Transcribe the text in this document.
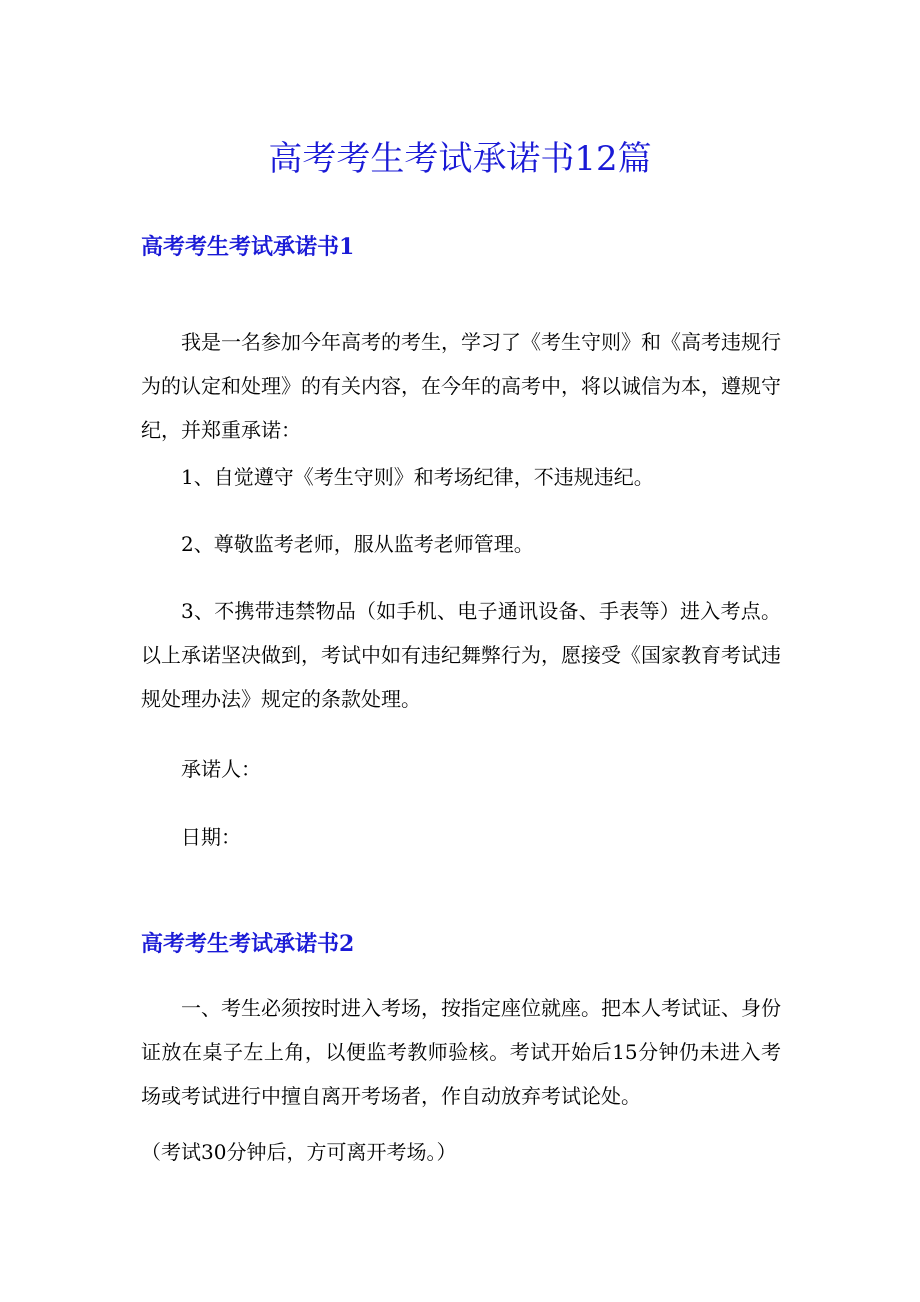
高考考生考试承诺书12篇
高考考生考试承诺书1

我是一名参加今年高考的考生，学习了《考生守则》和《高考违规行为的认定和处理》的有关内容，在今年的高考中，将以诚信为本，遵规守纪，并郑重承诺：

1、自觉遵守《考生守则》和考场纪律，不违规违纪。

2、尊敬监考老师，服从监考老师管理。

3、不携带违禁物品（如手机、电子通讯设备、手表等）进入考点。以上承诺坚决做到，考试中如有违纪舞弊行为，愿接受《国家教育考试违规处理办法》规定的条款处理。

承诺人：

日期：

高考考生考试承诺书2

一、考生必须按时进入考场，按指定座位就座。把本人考试证、身份证放在桌子左上角，以便监考教师验核。考试开始后15分钟仍未进入考场或考试进行中擅自离开考场者，作自动放弃考试论处。

（考试30分钟后，方可离开考场。）
